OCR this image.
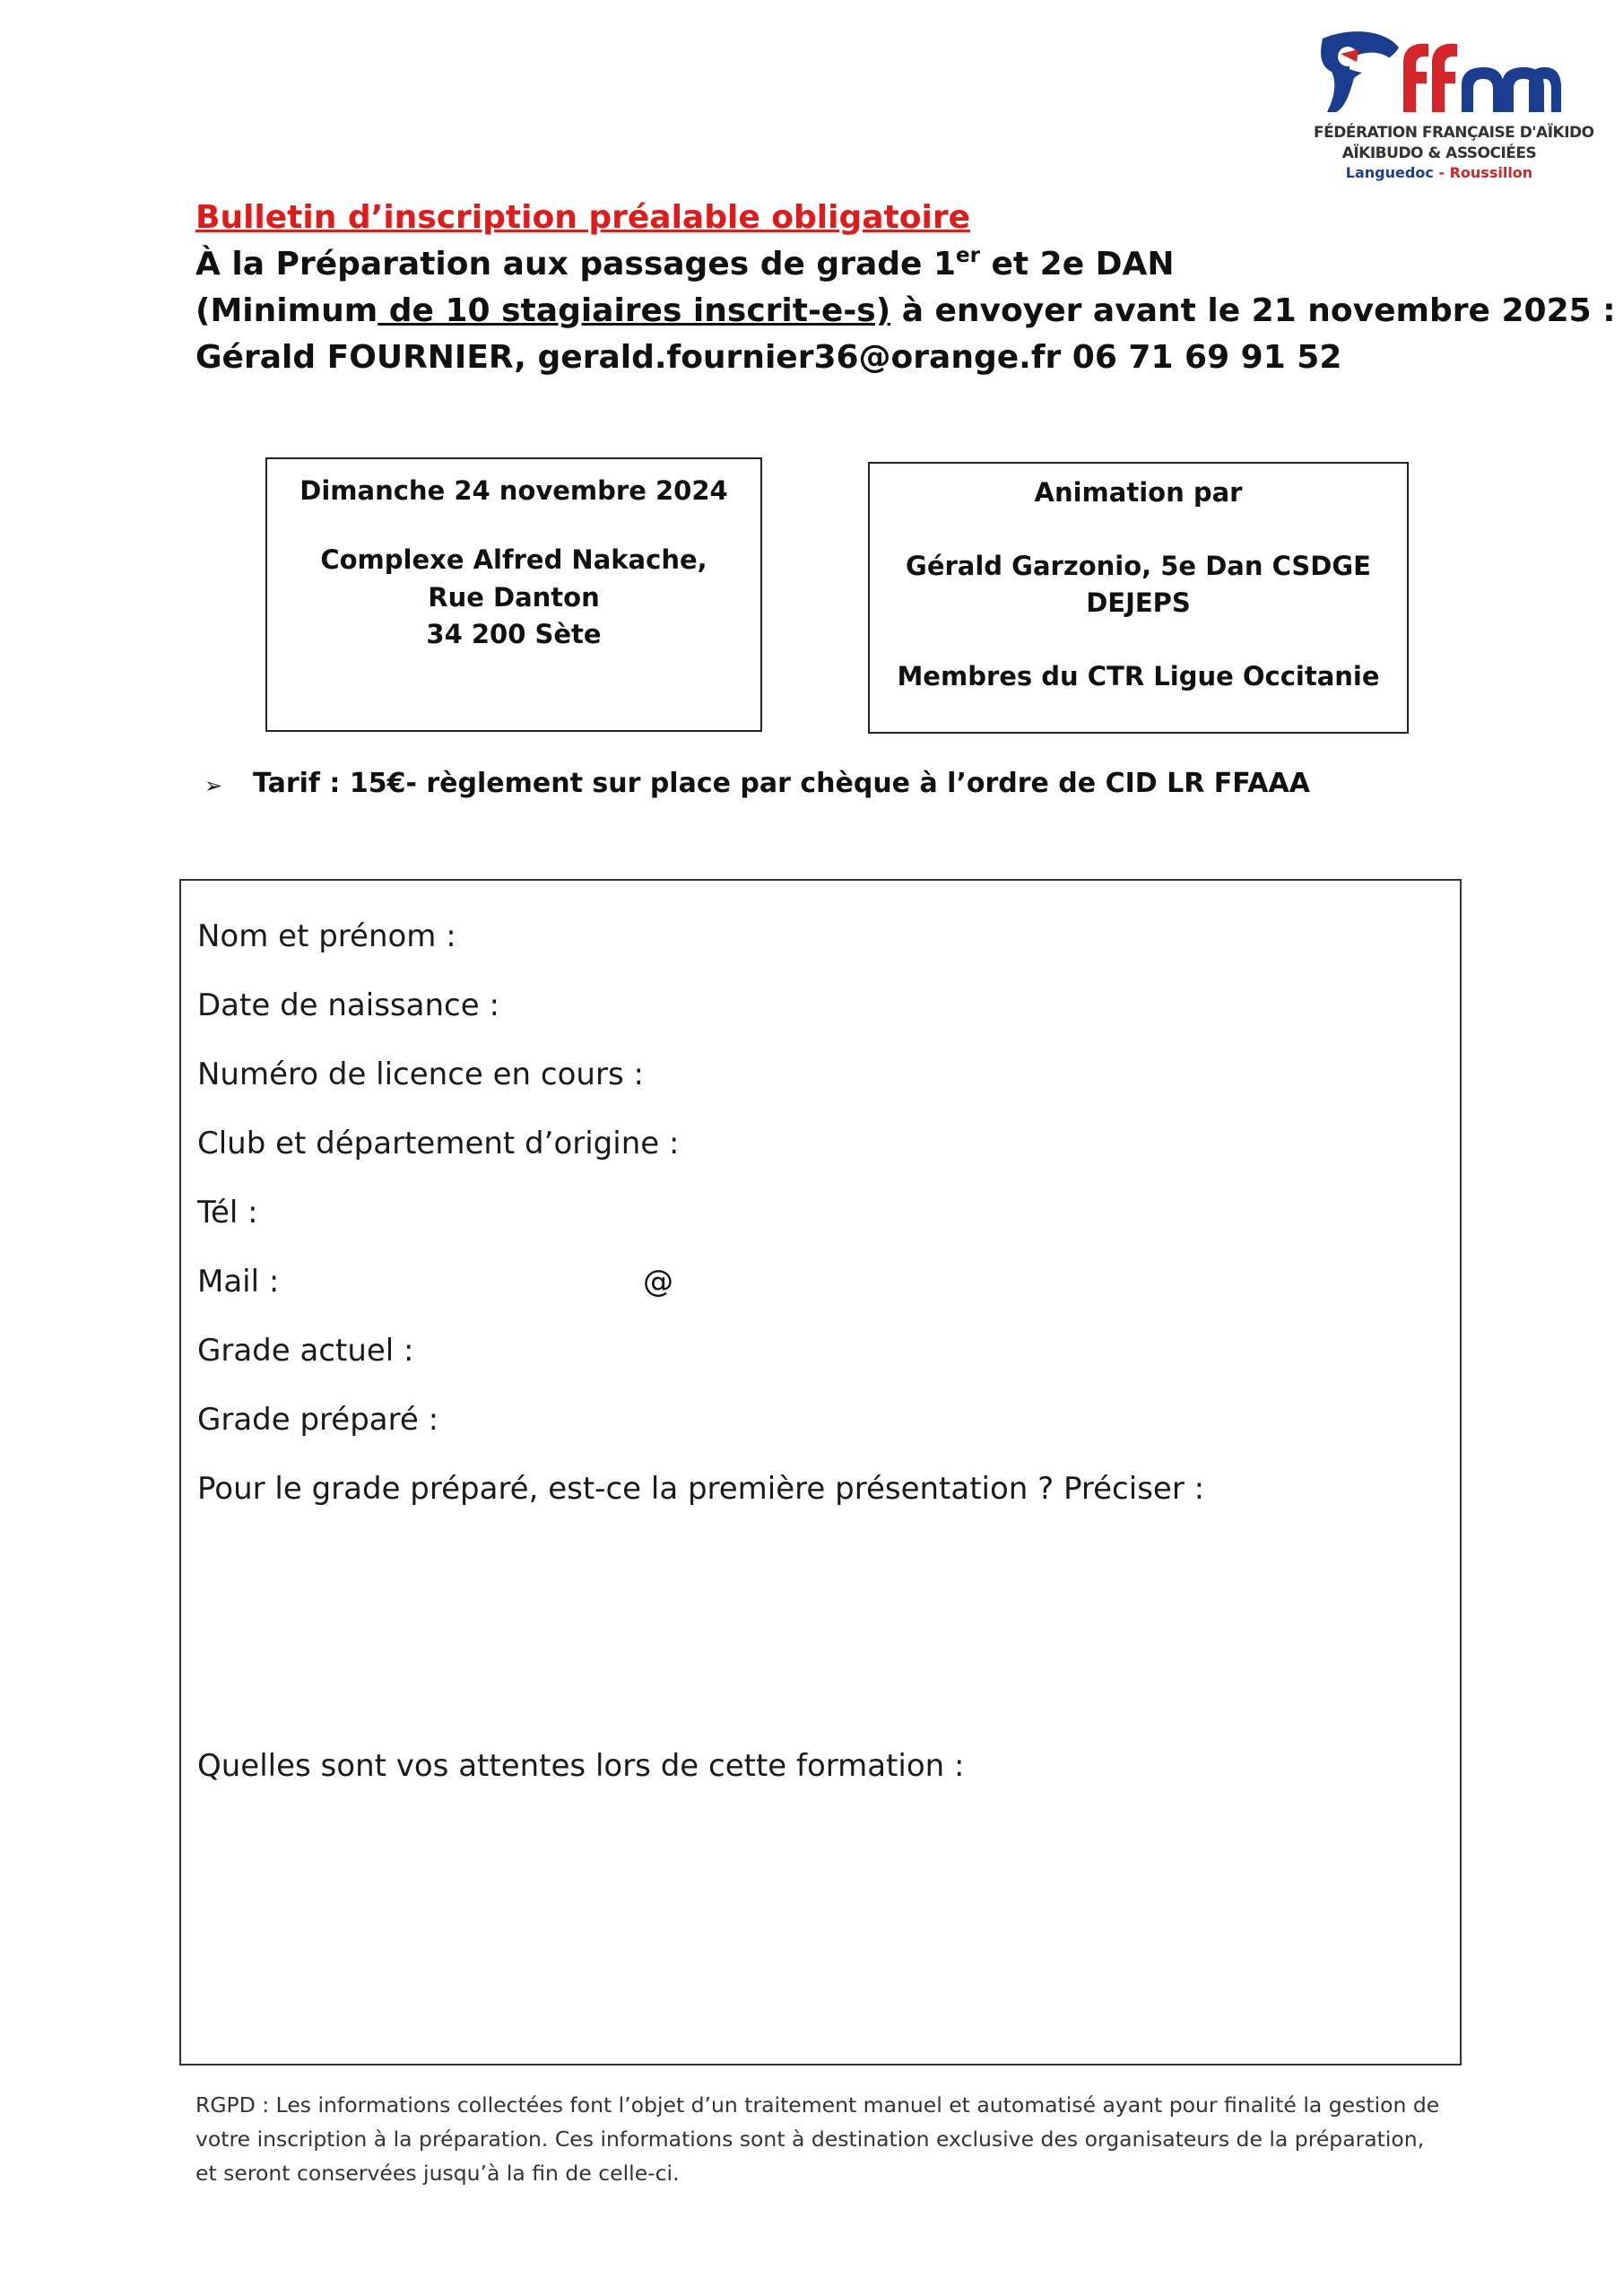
FÉDÉRATION FRANÇAISE D'AÏKIDO
AÏKIBUDO & ASSOCIÉES
Languedoc - Roussillon
Bulletin d’inscription préalable obligatoire
À la Préparation aux passages de grade 1er et 2e DAN
(Minimum de 10 stagiaires inscrit-e-s) à envoyer avant le 21 novembre 2025 :
Gérald FOURNIER, gerald.fournier36@orange.fr 06 71 69 91 52
Dimanche 24 novembre 2024
Complexe Alfred Nakache,
Rue Danton
34 200 Sète
Animation par
Gérald Garzonio, 5e Dan CSDGE
DEJEPS
Membres du CTR Ligue Occitanie
➢ Tarif : 15€- règlement sur place par chèque à l’ordre de CID LR FFAAA
Nom et prénom :
Date de naissance :
Numéro de licence en cours :
Club et département d’origine :
Tél :
Mail :	@
Grade actuel :
Grade préparé :
Pour le grade préparé, est-ce la première présentation ? Préciser :
Quelles sont vos attentes lors de cette formation :
RGPD : Les informations collectées font l’objet d’un traitement manuel et automatisé ayant pour finalité la gestion de votre inscription à la préparation. Ces informations sont à destination exclusive des organisateurs de la préparation, et seront conservées jusqu’à la fin de celle-ci.
